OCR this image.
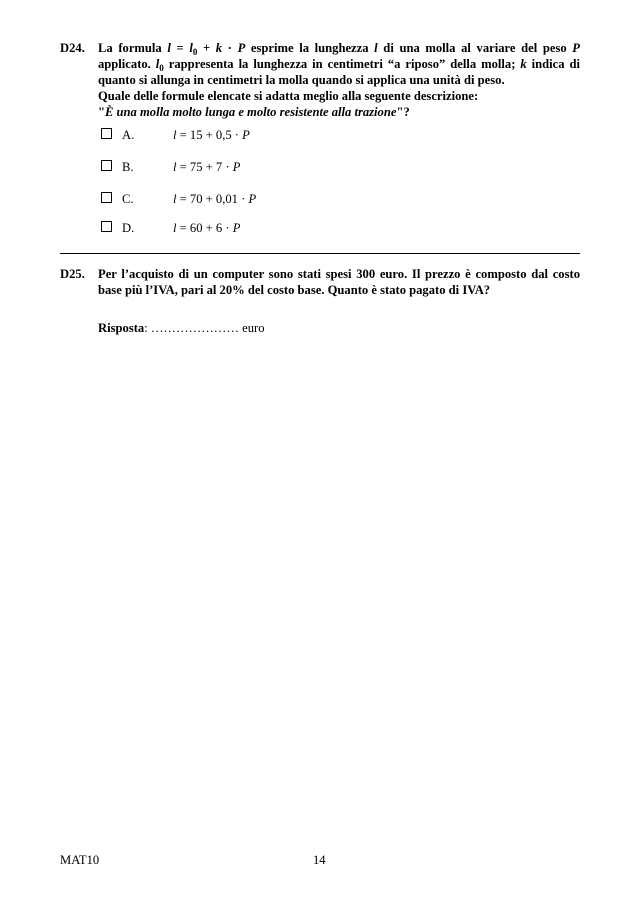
D24. La formula $l = l_0 + k \cdot P$ esprime la lunghezza l di una molla al variare del peso P applicato. $l_0$ rappresenta la lunghezza in centimetri “a riposo” della molla; k indica di quanto si allunga in centimetri la molla quando si applica una unità di peso.

Quale delle formule elencate si adatta meglio alla seguente descrizione:

"È una molla molto lunga e molto resistente alla trazione"?

A.	l = 15 + 0,5 · P
B.	l = 75 + 7 · P
C.	l = 70 + 0,01 · P
D.	l = 60 + 6 · P
D25. Per l’acquisto di un computer sono stati spesi 300 euro. Il prezzo è composto dal costo base più l’IVA, pari al 20% del costo base. Quanto è stato pagato di IVA?

Risposta: ………………… euro
MAT10	14
